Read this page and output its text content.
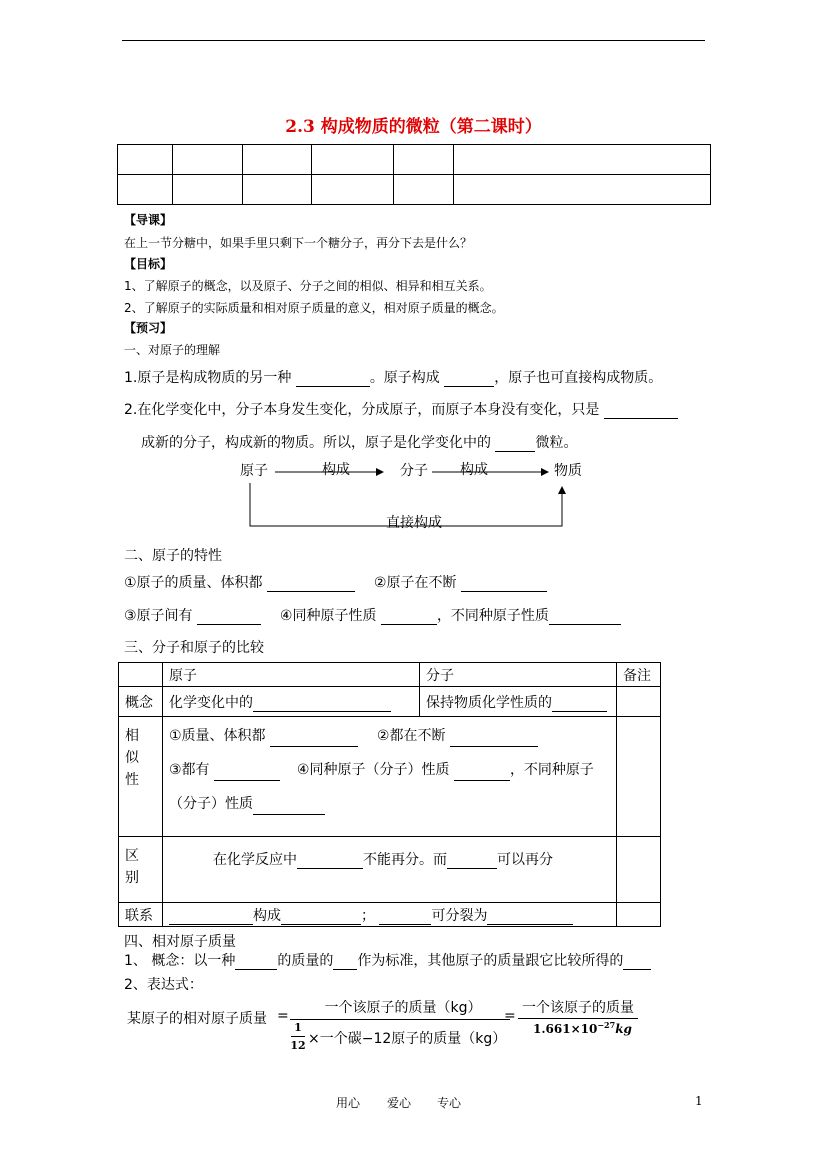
2.3 构成物质的微粒（第二课时）

【导课】
在上一节分糖中，如果手里只剩下一个糖分子，再分下去是什么？
【目标】
1、了解原子的概念，以及原子、分子之间的相似、相异和相互关系。
2、了解原子的实际质量和相对原子质量的意义，相对原子质量的概念。
【预习】
一、对原子的理解
1.原子是构成物质的另一种	。原子构成	，原子也可直接构成物质。
2.在化学变化中，分子本身发生变化，分成原子，而原子本身没有变化，只是
成新的分子，构成新的物质。所以，原子是化学变化中的	微粒。
原子	构成	分子 构成	物质
直接构成
二、原子的特性
①原子的质量、体积都	②原子在不断
③原子间有	④同种原子性质	，不同种原子性质
三、分子和原子的比较
	原子	分子	备注
概念	化学变化中的	保持物质化学性质的	

相似性	①质量、体积都 ②都在不断
③都有 ④同种原子（分子）性质 ，不同种原子
（分子）性质		

区别	在化学反应中 不能再分。而 可以再分		
联系	构成 ； 可分裂为		
四、相对原子质量
1、 概念：以一种	的质量的 作为标准，其他原子的质量跟它比较所得的
2、表达式：
某原子的相对原子质量 =	一个该原子的质量（kg）
1
12 ×一个碳−12原子的质量（kg）
= 一个该原子的质量
$1.661\times 10^{-27}kg$
用心 爱心 专心	1
